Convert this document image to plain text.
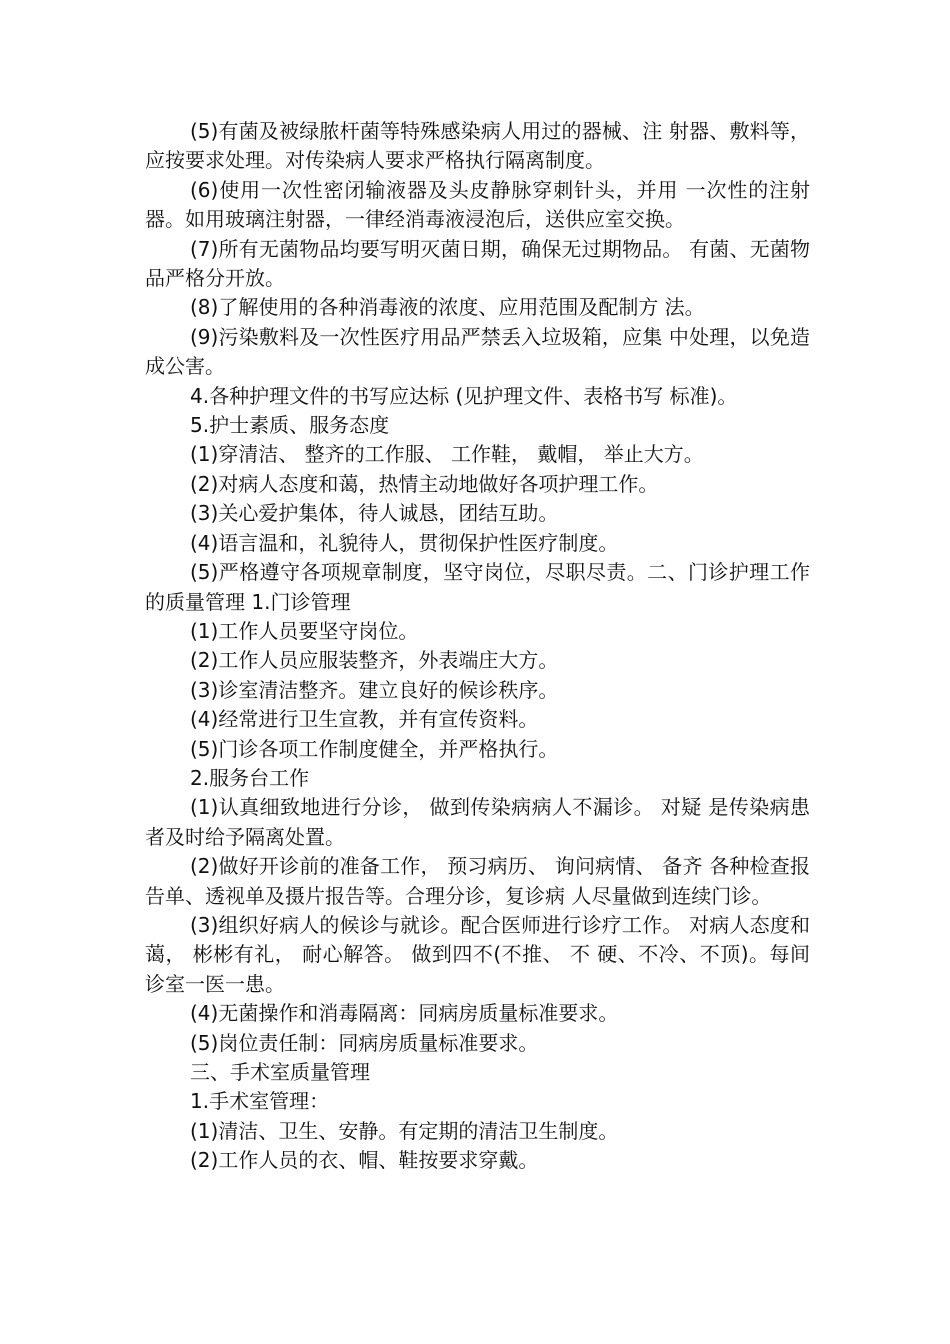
(5)有菌及被绿脓杆菌等特殊感染病人用过的器械、注 射器、敷料等，应按要求处理。对传染病人要求严格执行隔离制度。

(6)使用一次性密闭输液器及头皮静脉穿刺针头，并用 一次性的注射器。如用玻璃注射器，一律经消毒液浸泡后，送供应室交换。

(7)所有无菌物品均要写明灭菌日期，确保无过期物品。 有菌、无菌物品严格分开放。

(8)了解使用的各种消毒液的浓度、应用范围及配制方 法。

(9)污染敷料及一次性医疗用品严禁丢入垃圾箱，应集 中处理，以免造成公害。

4.各种护理文件的书写应达标 (见护理文件、表格书写 标准)。

5.护士素质、服务态度

(1)穿清洁、 整齐的工作服、 工作鞋， 戴帽， 举止大方。

(2)对病人态度和蔼，热情主动地做好各项护理工作。

(3)关心爱护集体，待人诚恳，团结互助。

(4)语言温和，礼貌待人，贯彻保护性医疗制度。

(5)严格遵守各项规章制度，坚守岗位，尽职尽责。二、门诊护理工作的质量管理 1.门诊管理

(1)工作人员要坚守岗位。

(2)工作人员应服装整齐，外表端庄大方。

(3)诊室清洁整齐。建立良好的候诊秩序。

(4)经常进行卫生宣教，并有宣传资料。

(5)门诊各项工作制度健全，并严格执行。

2.服务台工作

(1)认真细致地进行分诊， 做到传染病病人不漏诊。 对疑 是传染病患者及时给予隔离处置。

(2)做好开诊前的准备工作， 预习病历、 询问病情、 备齐 各种检查报告单、透视单及摄片报告等。合理分诊，复诊病 人尽量做到连续门诊。

(3)组织好病人的候诊与就诊。配合医师进行诊疗工作。 对病人态度和蔼， 彬彬有礼， 耐心解答。 做到四不(不推、 不 硬、不冷、不顶)。每间诊室一医一患。

(4)无菌操作和消毒隔离：同病房质量标准要求。

(5)岗位责任制：同病房质量标准要求。

三、手术室质量管理

1.手术室管理：

(1)清洁、卫生、安静。有定期的清洁卫生制度。

(2)工作人员的衣、帽、鞋按要求穿戴。
